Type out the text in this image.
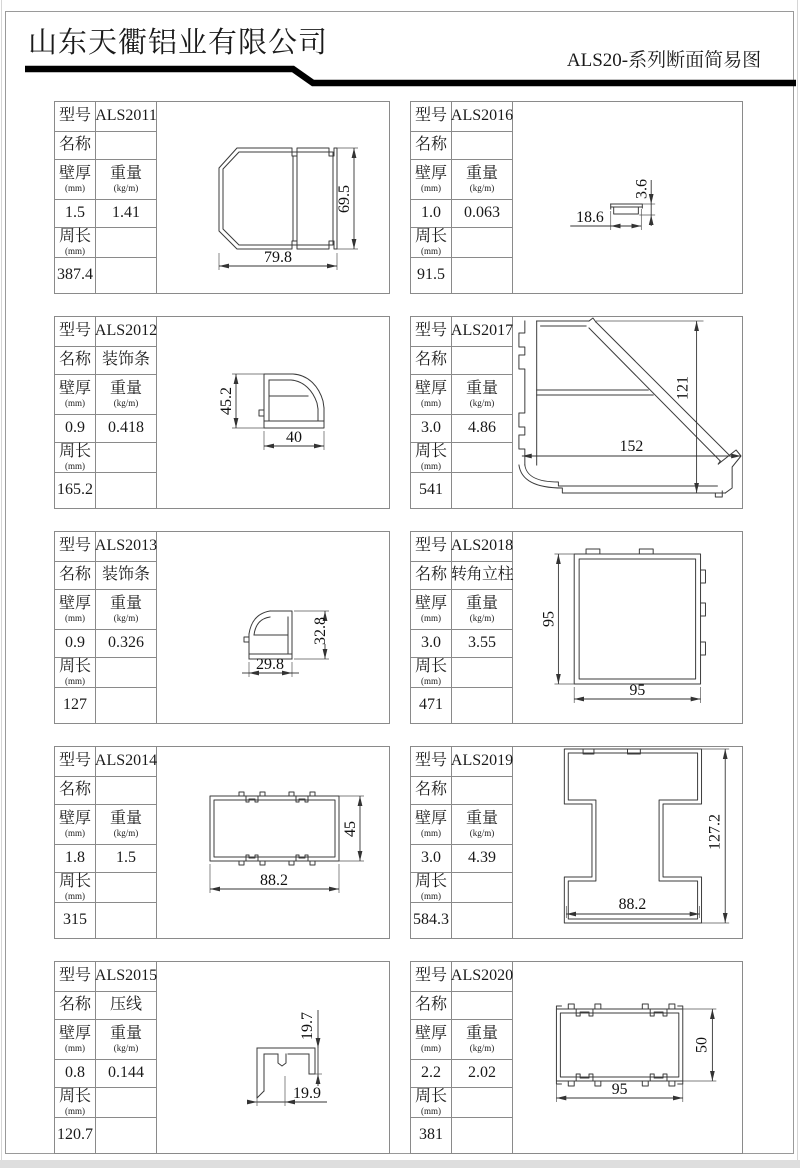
山东天衢铝业有限公司
ALS20-系列断面简易图
型号 ALS2011
名称
壁厚
(mm)
重量
(kg/m)
1.5	1.41
周长
(mm)
387.4
69.5
79.8
型号 ALS2016
名称
壁厚
(mm)
重量
(kg/m)
1.0	0.063
周长
(mm)
91.5
18.6
3.6
型号 ALS2012
名称 装饰条
壁厚
(mm)
重量
(kg/m)
0.9	0.418
周长
(mm)
165.2
45.2
40
型号 ALS2017
名称
壁厚
(mm)
重量
(kg/m)
3.0	4.86
周长
(mm)
541
121
152
型号 ALS2013
名称 装饰条
壁厚
(mm)
重量
(kg/m)
0.9	0.326
周长
(mm)
127
32.8
29.8
型号 ALS2018
名称 转角立柱
壁厚
(mm)
重量
(kg/m)
3.0	3.55
周长
(mm)
471
95
95
型号 ALS2014
名称
壁厚
(mm)
重量
(kg/m)
1.8	1.5
周长
(mm)
315
45
88.2
型号 ALS2019
名称
壁厚
(mm)
重量
(kg/m)
3.0	4.39
周长
(mm)
584.3
127.2
88.2
型号 ALS2015
名称	压线
壁厚
(mm)
重量
(kg/m)
0.8	0.144
周长
(mm)
120.7
19.7
19.9
型号 ALS2020
名称
壁厚
(mm)
重量
(kg/m)
2.2	2.02
周长
(mm)
381
50
95
